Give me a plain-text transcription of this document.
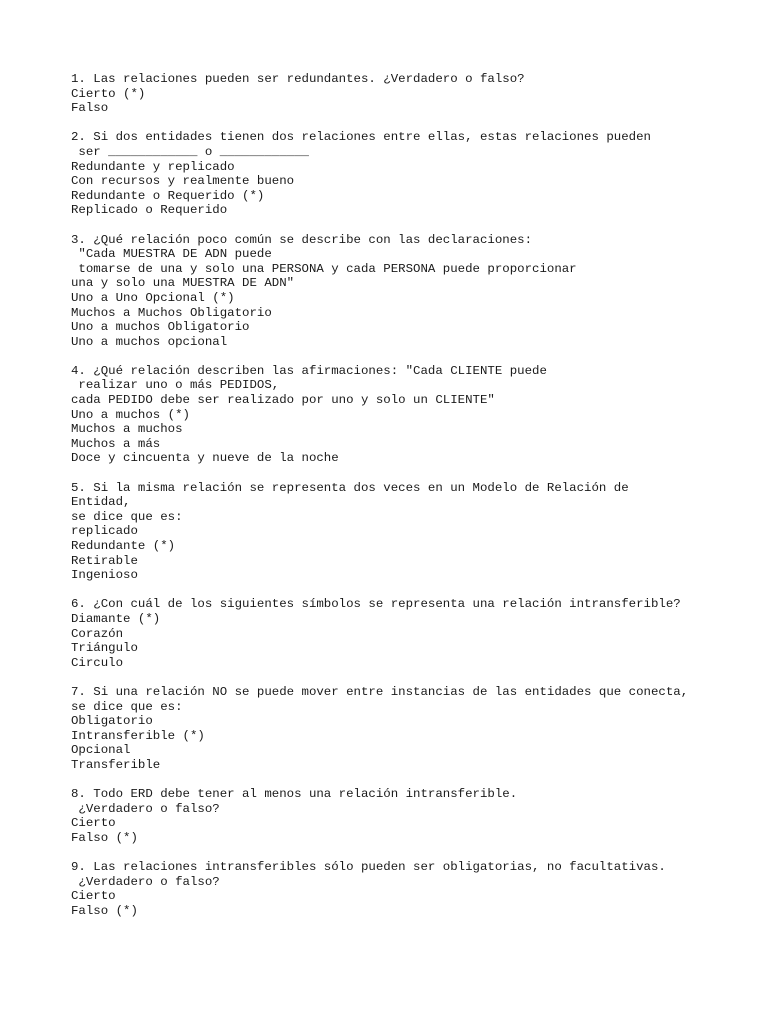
1. Las relaciones pueden ser redundantes. ¿Verdadero o falso?
Cierto (*)
Falso
2. Si dos entidades tienen dos relaciones entre ellas, estas relaciones pueden
ser ____________ o ____________
Redundante y replicado
Con recursos y realmente bueno
Redundante o Requerido (*)
Replicado o Requerido
3. ¿Qué relación poco común se describe con las declaraciones:
"Cada MUESTRA DE ADN puede
tomarse de una y solo una PERSONA y cada PERSONA puede proporcionar
una y solo una MUESTRA DE ADN"
Uno a Uno Opcional (*)
Muchos a Muchos Obligatorio
Uno a muchos Obligatorio
Uno a muchos opcional
4. ¿Qué relación describen las afirmaciones: "Cada CLIENTE puede
realizar uno o más PEDIDOS,
cada PEDIDO debe ser realizado por uno y solo un CLIENTE"
Uno a muchos (*)
Muchos a muchos
Muchos a más
Doce y cincuenta y nueve de la noche
5. Si la misma relación se representa dos veces en un Modelo de Relación de
Entidad,
se dice que es:
replicado
Redundante (*)
Retirable
Ingenioso
6. ¿Con cuál de los siguientes símbolos se representa una relación intransferible?
Diamante (*)
Corazón
Triángulo
Circulo
7. Si una relación NO se puede mover entre instancias de las entidades que conecta,
se dice que es:
Obligatorio
Intransferible (*)
Opcional
Transferible
8. Todo ERD debe tener al menos una relación intransferible.
¿Verdadero o falso?
Cierto
Falso (*)
9. Las relaciones intransferibles sólo pueden ser obligatorias, no facultativas.
¿Verdadero o falso?
Cierto
Falso (*)
